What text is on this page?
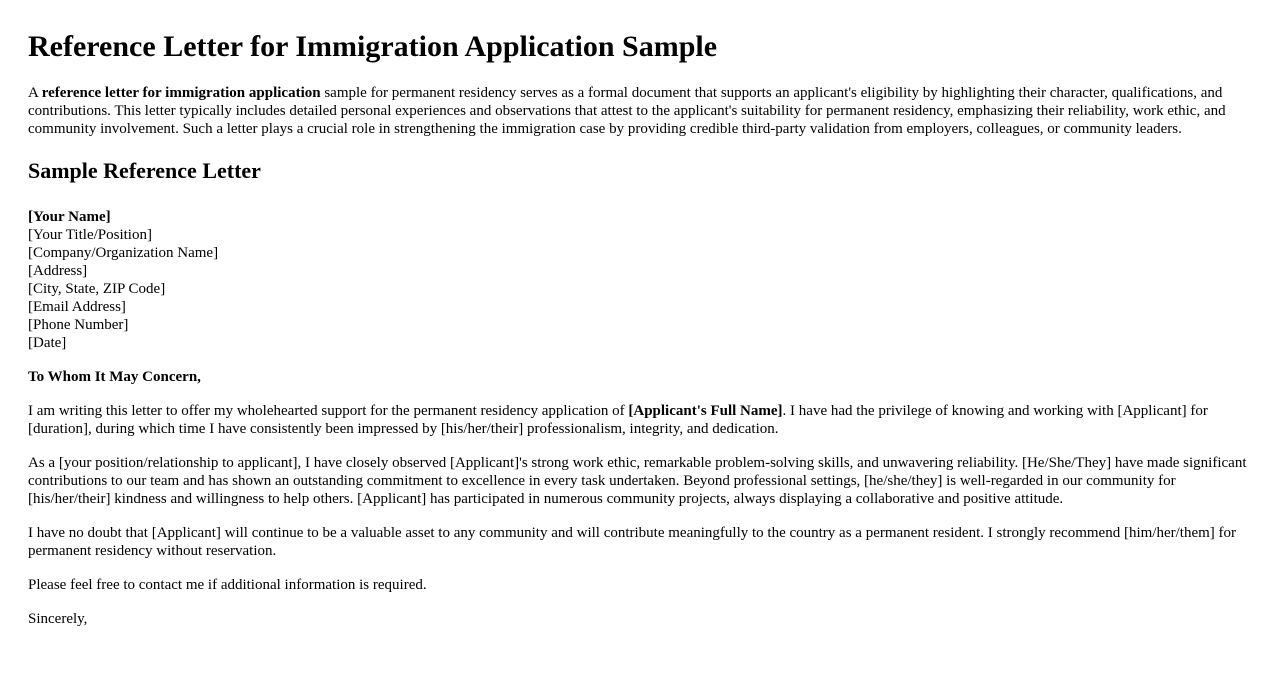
Reference Letter for Immigration Application Sample

A reference letter for immigration application sample for permanent residency serves as a formal document that supports an applicant's eligibility by highlighting their character, qualifications, and contributions. This letter typically includes detailed personal experiences and observations that attest to the applicant's suitability for permanent residency, emphasizing their reliability, work ethic, and community involvement. Such a letter plays a crucial role in strengthening the immigration case by providing credible third-party validation from employers, colleagues, or community leaders.

Sample Reference Letter
[Your Name]
[Your Title/Position]
[Company/Organization Name]
[Address]
[City, State, ZIP Code]
[Email Address]
[Phone Number]
[Date]

To Whom It May Concern,

I am writing this letter to offer my wholehearted support for the permanent residency application of [Applicant's Full Name]. I have had the privilege of knowing and working with [Applicant] for [duration], during which time I have consistently been impressed by [his/her/their] professionalism, integrity, and dedication.

As a [your position/relationship to applicant], I have closely observed [Applicant]'s strong work ethic, remarkable problem-solving skills, and unwavering reliability. [He/She/They] have made significant contributions to our team and has shown an outstanding commitment to excellence in every task undertaken. Beyond professional settings, [he/she/they] is well-regarded in our community for [his/her/their] kindness and willingness to help others. [Applicant] has participated in numerous community projects, always displaying a collaborative and positive attitude.

I have no doubt that [Applicant] will continue to be a valuable asset to any community and will contribute meaningfully to the country as a permanent resident. I strongly recommend [him/her/them] for permanent residency without reservation.

Please feel free to contact me if additional information is required.

Sincerely,
